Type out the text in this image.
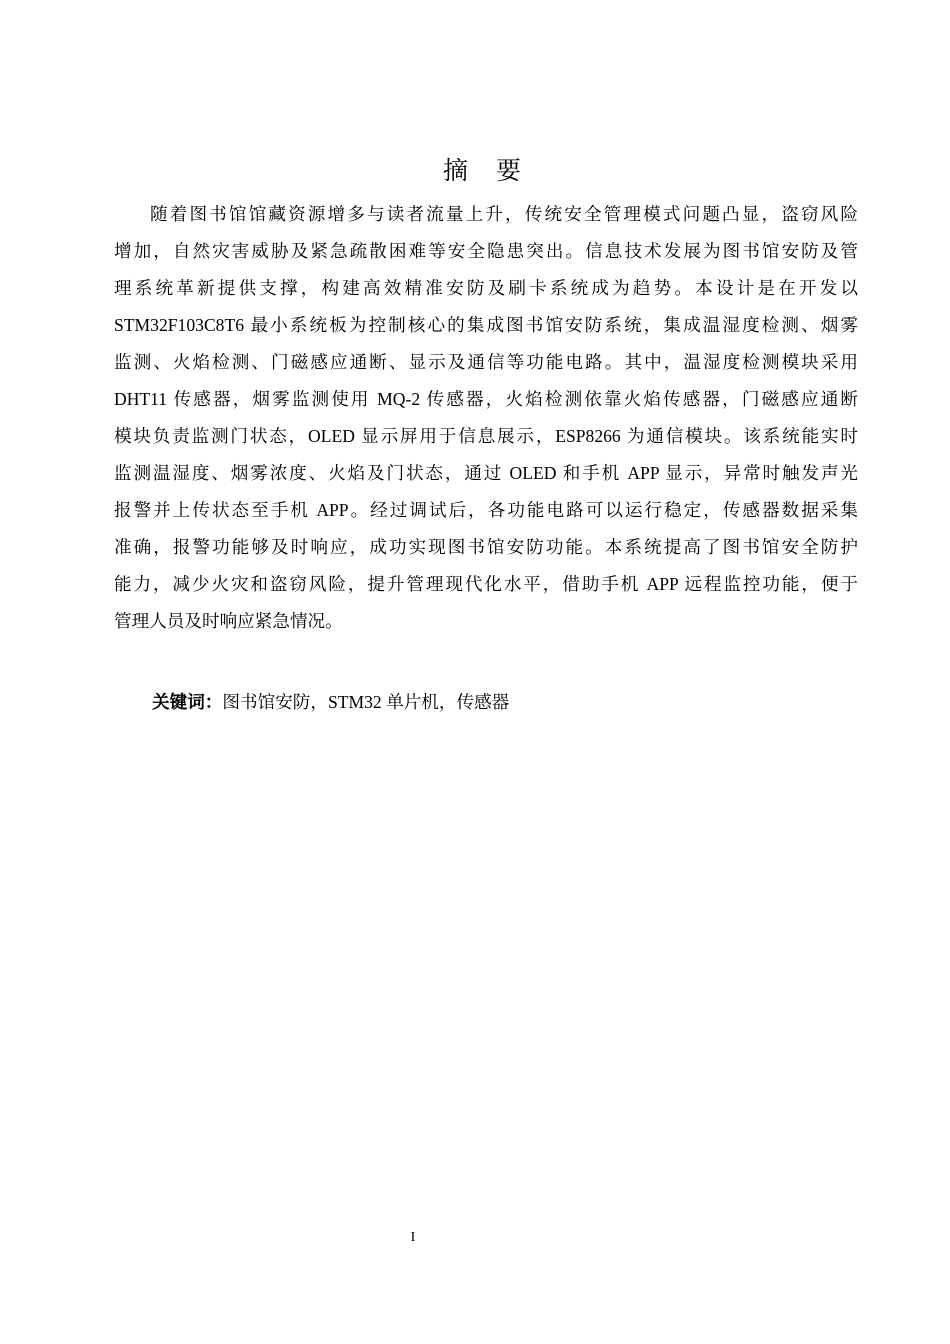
摘 要
随着图书馆馆藏资源增多与读者流量上升，传统安全管理模式问题凸显，盗窃风险
增加，自然灾害威胁及紧急疏散困难等安全隐患突出。信息技术发展为图书馆安防及管
理系统革新提供支撑，构建高效精准安防及刷卡系统成为趋势。本设计是在开发以
STM32F103C8T6 最小系统板为控制核心的集成图书馆安防系统，集成温湿度检测、烟雾
监测、火焰检测、门磁感应通断、显示及通信等功能电路。其中，温湿度检测模块采用
DHT11 传感器，烟雾监测使用 MQ-2 传感器，火焰检测依靠火焰传感器，门磁感应通断
模块负责监测门状态，OLED 显示屏用于信息展示，ESP8266 为通信模块。该系统能实时
监测温湿度、烟雾浓度、火焰及门状态，通过 OLED 和手机 APP 显示，异常时触发声光
报警并上传状态至手机 APP。经过调试后，各功能电路可以运行稳定，传感器数据采集
准确，报警功能够及时响应，成功实现图书馆安防功能。本系统提高了图书馆安全防护
能力，减少火灾和盗窃风险，提升管理现代化水平，借助手机 APP 远程监控功能，便于
管理人员及时响应紧急情况。
关键词：图书馆安防，STM32 单片机，传感器
I
